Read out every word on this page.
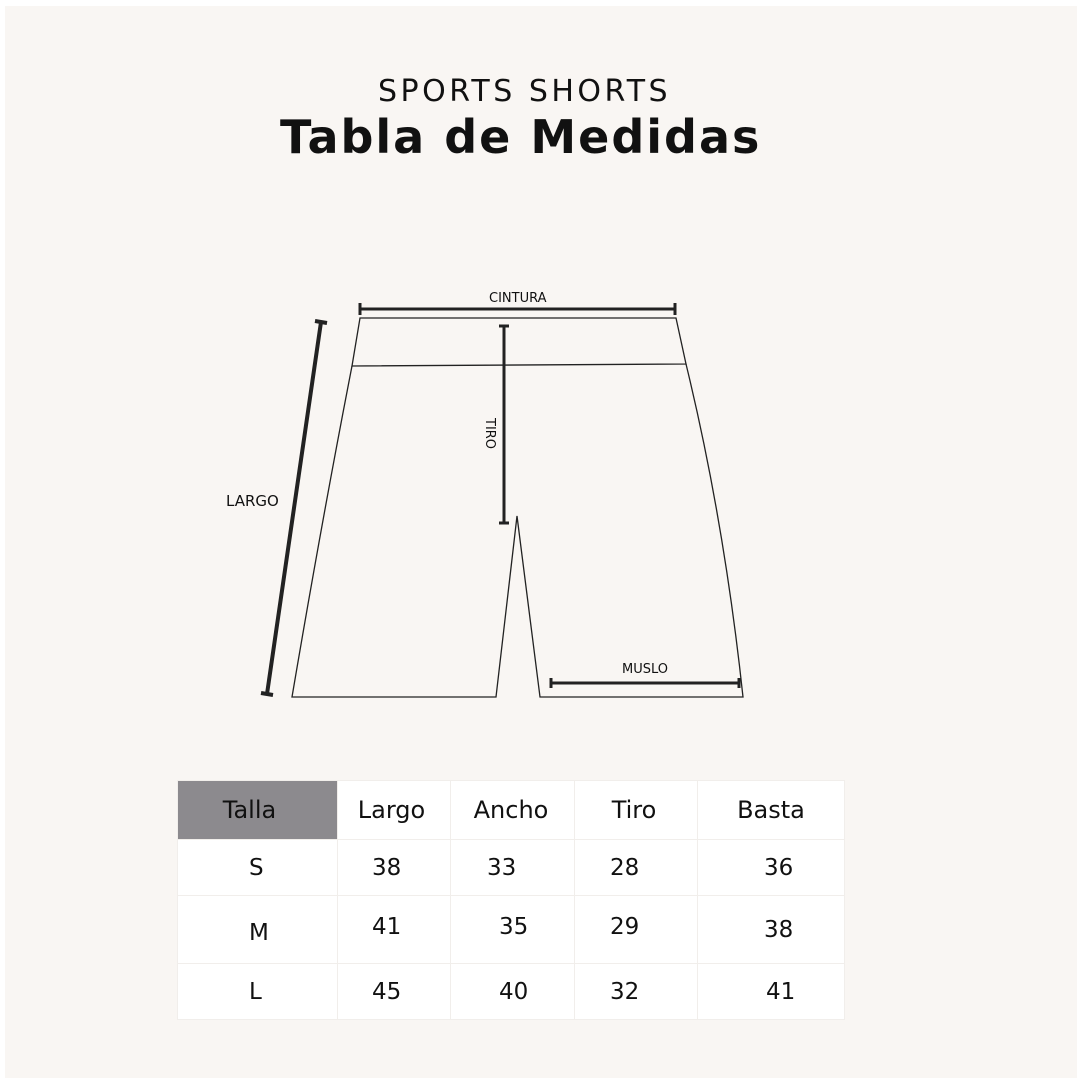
SPORTS SHORTS
Tabla de Medidas
CINTURA
TIRO
LARGO
MUSLO
Talla	Largo	Ancho	Tiro	Basta
S	38	33	28	36
M	41	35	29	38
L	45	40	32	41
